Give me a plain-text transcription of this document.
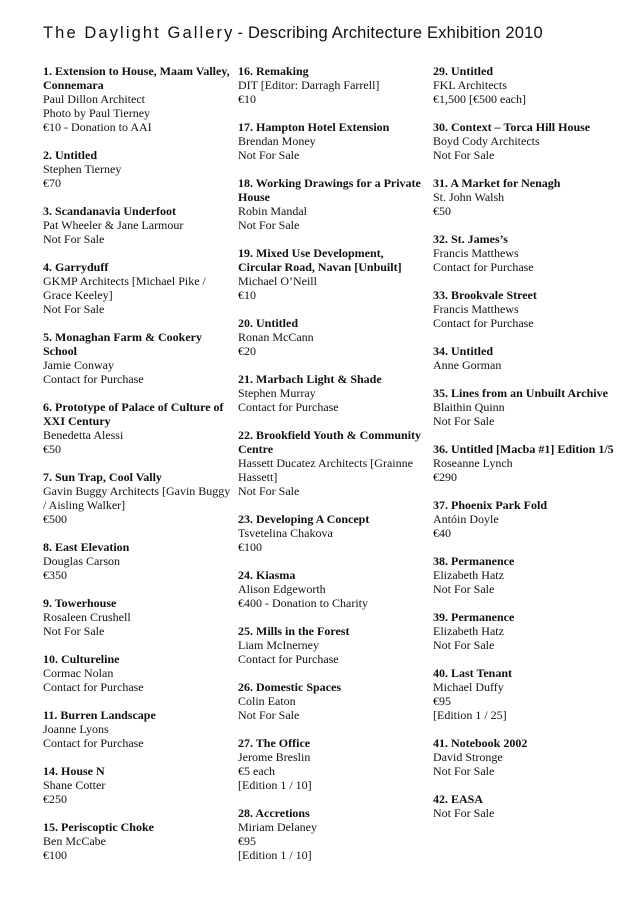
The Daylight Gallery - Describing Architecture Exhibition 2010
1. Extension to House, Maam Valley, Connemara
Paul Dillon Architect
Photo by Paul Tierney
€10 - Donation to AAI
2. Untitled
Stephen Tierney
€70
3. Scandanavia Underfoot
Pat Wheeler & Jane Larmour
Not For Sale
4. Garryduff
GKMP Architects [Michael Pike / Grace Keeley]
Not For Sale
5. Monaghan Farm & Cookery School
Jamie Conway
Contact for Purchase
6. Prototype of Palace of Culture of XXI Century
Benedetta Alessi
€50
7. Sun Trap, Cool Vally
Gavin Buggy Architects [Gavin Buggy / Aisling Walker]
€500
8. East Elevation
Douglas Carson
€350
9. Towerhouse
Rosaleen Crushell
Not For Sale
10. Cultureline
Cormac Nolan
Contact for Purchase
11. Burren Landscape
Joanne Lyons
Contact for Purchase
14. House N
Shane Cotter
€250
15. Periscoptic Choke
Ben McCabe
€100
16. Remaking
DIT [Editor: Darragh Farrell]
€10
17. Hampton Hotel Extension
Brendan Money
Not For Sale
18. Working Drawings for a Private House
Robin Mandal
Not For Sale
19. Mixed Use Development, Circular Road, Navan [Unbuilt]
Michael O’Neill
€10
20. Untitled
Ronan McCann
€20
21. Marbach Light & Shade
Stephen Murray
Contact for Purchase
22. Brookfield Youth & Community Centre
Hassett Ducatez Architects [Grainne Hassett]
Not For Sale
23. Developing A Concept
Tsvetelina Chakova
€100
24. Kiasma
Alison Edgeworth
€400 - Donation to Charity
25. Mills in the Forest
Liam McInerney
Contact for Purchase
26. Domestic Spaces
Colin Eaton
Not For Sale
27. The Office
Jerome Breslin
€5 each
[Edition 1 / 10]
28. Accretions
Miriam Delaney
€95
[Edition 1 / 10]
29. Untitled
FKL Architects
€1,500 [€500 each]
30. Context – Torca Hill House
Boyd Cody Architects
Not For Sale
31. A Market for Nenagh
St. John Walsh
€50
32. St. James’s
Francis Matthews
Contact for Purchase
33. Brookvale Street
Francis Matthews
Contact for Purchase
34. Untitled
Anne Gorman
35. Lines from an Unbuilt Archive
Blaithin Quinn
Not For Sale
36. Untitled [Macba #1] Edition 1/5
Roseanne Lynch
€290
37. Phoenix Park Fold
Antóin Doyle
€40
38. Permanence
Elizabeth Hatz
Not For Sale
39. Permanence
Elizabeth Hatz
Not For Sale
40. Last Tenant
Michael Duffy
€95
[Edition 1 / 25]
41. Notebook 2002
David Stronge
Not For Sale
42. EASA
Not For Sale
